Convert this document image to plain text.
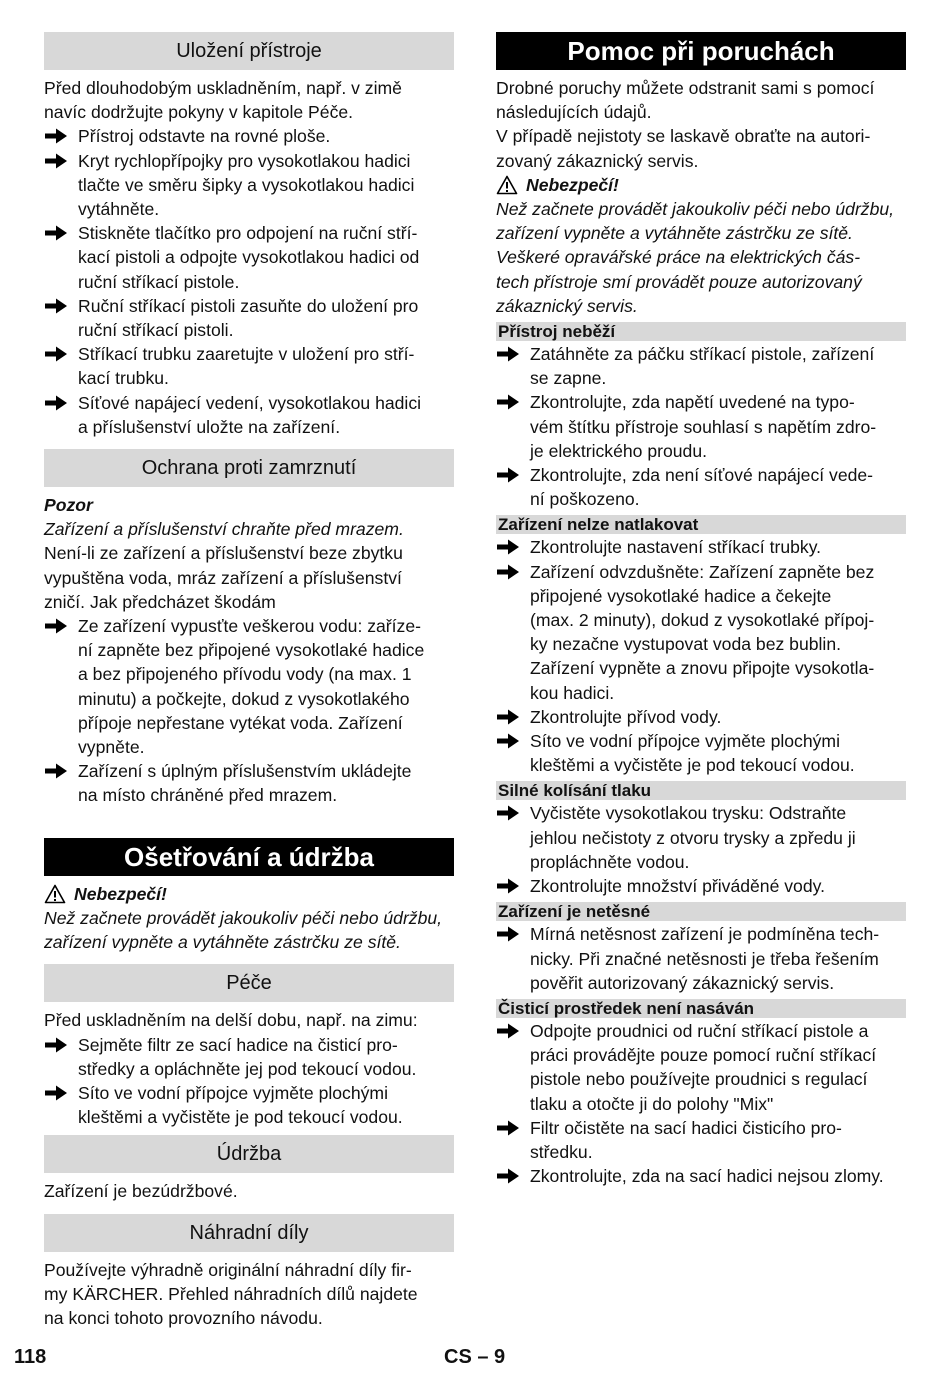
Uložení přístroje

Před dlouhodobým uskladněním, např. v zimě

navíc dodržujte pokyny v kapitole Péče.

Přístroj odstavte na rovné ploše.

Kryt rychlopřípojky pro vysokotlakou hadici

tlačte ve směru šipky a vysokotlakou hadici

vytáhněte.

Stiskněte tlačítko pro odpojení na ruční stří-

kací pistoli a odpojte vysokotlakou hadici od

ruční stříkací pistole.

Ruční stříkací pistoli zasuňte do uložení pro

ruční stříkací pistoli.

Stříkací trubku zaaretujte v uložení pro stří-

kací trubku.

Síťové napájecí vedení, vysokotlakou hadici

a příslušenství uložte na zařízení.

Ochrana proti zamrznutí

Pozor

Zařízení a příslušenství chraňte před mrazem.

Není-li ze zařízení a příslušenství beze zbytku

vypuštěna voda, mráz zařízení a příslušenství

zničí. Jak předcházet škodám

Ze zařízení vypusťte veškerou vodu: zaříze-

ní zapněte bez připojené vysokotlaké hadice

a bez připojeného přívodu vody (na max. 1

minutu) a počkejte, dokud z vysokotlakého

přípoje nepřestane vytékat voda. Zařízení

vypněte.

Zařízení s úplným příslušenstvím ukládejte

na místo chráněné před mrazem.

Ošetřování a údržba
Nebezpečí!

Než začnete provádět jakoukoliv péči nebo údržbu,

zařízení vypněte a vytáhněte zástrčku ze sítě.

Péče

Před uskladněním na delší dobu, např. na zimu:

Sejměte filtr ze sací hadice na čisticí pro-

středky a opláchněte jej pod tekoucí vodou.

Síto ve vodní přípojce vyjměte plochými

kleštěmi a vyčistěte je pod tekoucí vodou.

Údržba

Zařízení je bezúdržbové.

Náhradní díly

Používejte výhradně originální náhradní díly fir-

my KÄRCHER. Přehled náhradních dílů najdete

na konci tohoto provozního návodu.

Pomoc při poruchách

Drobné poruchy můžete odstranit sami s pomocí

následujících údajů.

V případě nejistoty se laskavě obraťte na autori-

zovaný zákaznický servis.

Nebezpečí!

Než začnete provádět jakoukoliv péči nebo údržbu,

zařízení vypněte a vytáhněte zástrčku ze sítě.

Veškeré opravářské práce na elektrických čás-

tech přístroje smí provádět pouze autorizovaný

zákaznický servis.

Přístroj neběží

Zatáhněte za páčku stříkací pistole, zařízení

se zapne.

Zkontrolujte, zda napětí uvedené na typo-

vém štítku přístroje souhlasí s napětím zdro-

je elektrického proudu.

Zkontrolujte, zda není síťové napájecí vede-

ní poškozeno.

Zařízení nelze natlakovat

Zkontrolujte nastavení stříkací trubky.

Zařízení odvzdušněte: Zařízení zapněte bez

připojené vysokotlaké hadice a čekejte

(max. 2 minuty), dokud z vysokotlaké přípoj-

ky nezačne vystupovat voda bez bublin.

Zařízení vypněte a znovu připojte vysokotla-

kou hadici.

Zkontrolujte přívod vody.

Síto ve vodní přípojce vyjměte plochými

kleštěmi a vyčistěte je pod tekoucí vodou.

Silné kolísání tlaku

Vyčistěte vysokotlakou trysku: Odstraňte

jehlou nečistoty z otvoru trysky a zpředu ji

propláchněte vodou.

Zkontrolujte množství přiváděné vody.

Zařízení je netěsné

Mírná netěsnost zařízení je podmíněna tech-

nicky. Při značné netěsnosti je třeba řešením

pověřit autorizovaný zákaznický servis.

Čisticí prostředek není nasáván

Odpojte proudnici od ruční stříkací pistole a

práci provádějte pouze pomocí ruční stříkací

pistole nebo používejte proudnici s regulací

tlaku a otočte ji do polohy "Mix"

Filtr očistěte na sací hadici čisticího pro-

středku.

Zkontrolujte, zda na sací hadici nejsou zlomy.

118	CS – 9
